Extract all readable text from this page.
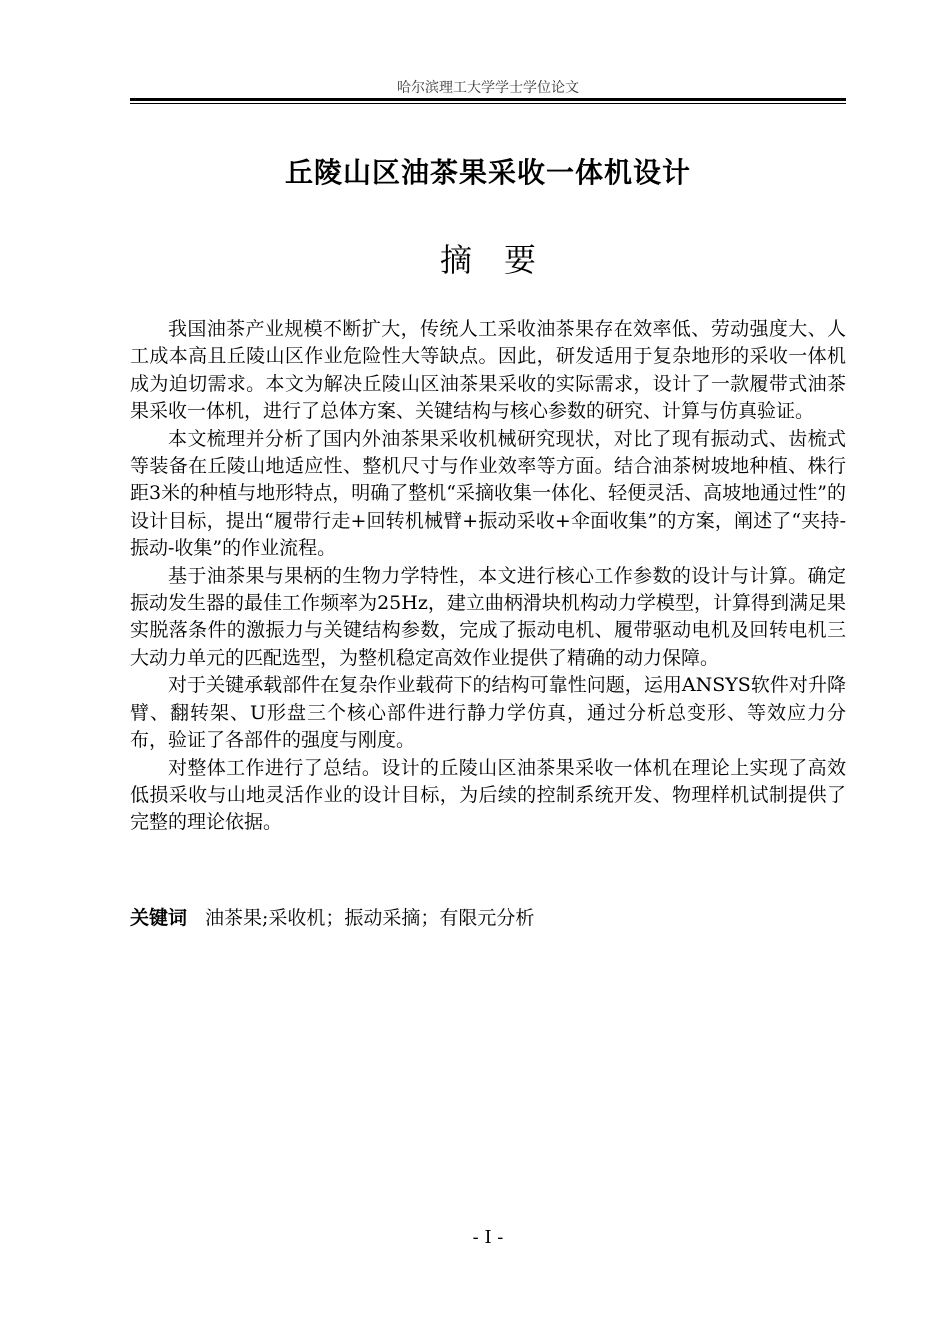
哈尔滨理工大学学士学位论文
丘陵山区油茶果采收一体机设计
摘 要

我国油茶产业规模不断扩大，传统人工采收油茶果存在效率低、劳动强度大、人工成本高且丘陵山区作业危险性大等缺点。因此，研发适用于复杂地形的采收一体机成为迫切需求。本文为解决丘陵山区油茶果采收的实际需求，设计了一款履带式油茶果采收一体机，进行了总体方案、关键结构与核心参数的研究、计算与仿真验证。

本文梳理并分析了国内外油茶果采收机械研究现状，对比了现有振动式、齿梳式等装备在丘陵山地适应性、整机尺寸与作业效率等方面。结合油茶树坡地种植、株行距3米的种植与地形特点，明确了整机“采摘收集一体化、轻便灵活、高坡地通过性”的设计目标，提出“履带行走+回转机械臂+振动采收+伞面收集”的方案，阐述了“夹持-振动-收集”的作业流程。

基于油茶果与果柄的生物力学特性，本文进行核心工作参数的设计与计算。确定振动发生器的最佳工作频率为25Hz，建立曲柄滑块机构动力学模型，计算得到满足果实脱落条件的激振力与关键结构参数，完成了振动电机、履带驱动电机及回转电机三大动力单元的匹配选型，为整机稳定高效作业提供了精确的动力保障。

对于关键承载部件在复杂作业载荷下的结构可靠性问题，运用ANSYS软件对升降臂、翻转架、U形盘三个核心部件进行静力学仿真，通过分析总变形、等效应力分布，验证了各部件的强度与刚度。

对整体工作进行了总结。设计的丘陵山区油茶果采收一体机在理论上实现了高效低损采收与山地灵活作业的设计目标，为后续的控制系统开发、物理样机试制提供了完整的理论依据。

关键词 油茶果;采收机；振动采摘；有限元分析
- I -
